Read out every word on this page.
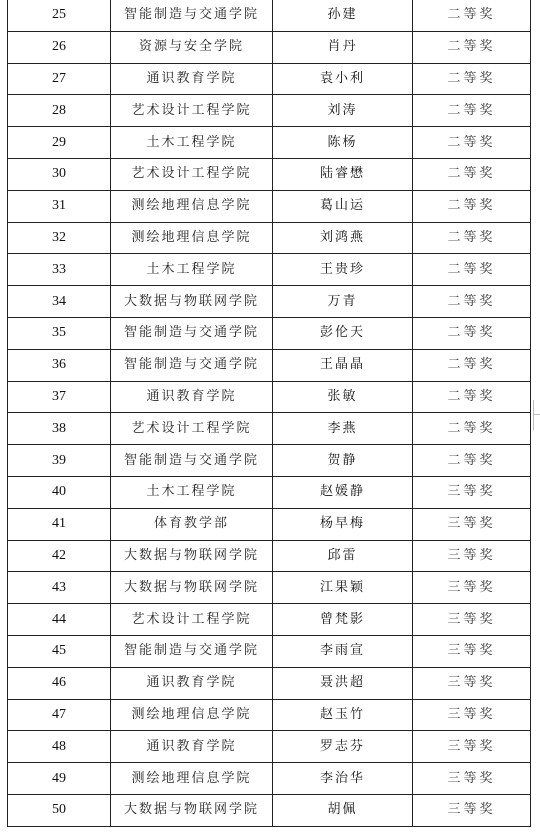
25	智能制造与交通学院	孙建	二等奖
26	资源与安全学院	肖丹	二等奖
27	通识教育学院	袁小利	二等奖
28	艺术设计工程学院	刘涛	二等奖
29	土木工程学院	陈杨	二等奖
30	艺术设计工程学院	陆睿懋	二等奖
31	测绘地理信息学院	葛山运	二等奖
32	测绘地理信息学院	刘鸿燕	二等奖
33	土木工程学院	王贵珍	二等奖
34	大数据与物联网学院	万青	二等奖
35	智能制造与交通学院	彭伦天	二等奖
36	智能制造与交通学院	王晶晶	二等奖
37	通识教育学院	张敏	二等奖
38	艺术设计工程学院	李燕	二等奖
39	智能制造与交通学院	贺静	二等奖
40	土木工程学院	赵媛静	三等奖
41	体育教学部	杨早梅	三等奖
42	大数据与物联网学院	邱雷	三等奖
43	大数据与物联网学院	江果颖	三等奖
44	艺术设计工程学院	曾梵影	三等奖
45	智能制造与交通学院	李雨宣	三等奖
46	通识教育学院	聂洪超	三等奖
47	测绘地理信息学院	赵玉竹	三等奖
48	通识教育学院	罗志芬	三等奖
49	测绘地理信息学院	李治华	三等奖
50	大数据与物联网学院	胡佩	三等奖
